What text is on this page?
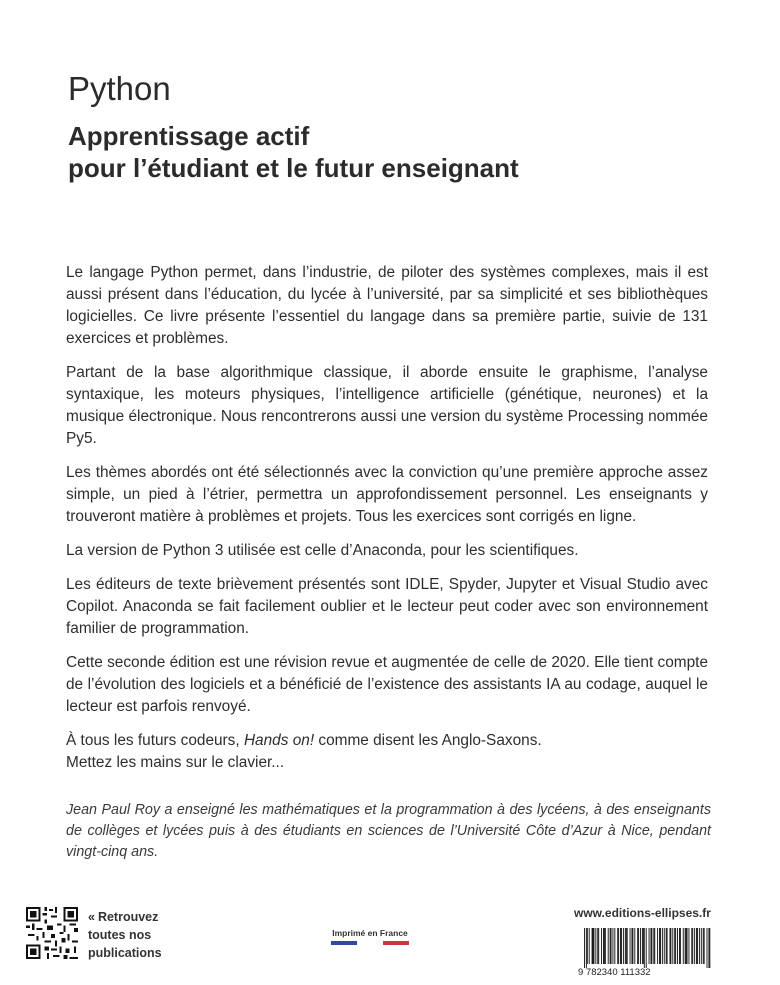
Python
Apprentissage actif
pour l’étudiant et le futur enseignant

Le langage Python permet, dans l’industrie, de piloter des systèmes complexes, mais il est aussi présent dans l’éducation, du lycée à l’université, par sa simplicité et ses bibliothèques logicielles. Ce livre présente l’essentiel du langage dans sa première partie, suivie de 131 exercices et problèmes.

Partant de la base algorithmique classique, il aborde ensuite le graphisme, l’analyse syntaxique, les moteurs physiques, l’intelligence artificielle (génétique, neurones) et la musique électronique. Nous rencontrerons aussi une version du système Processing nommée Py5.

Les thèmes abordés ont été sélectionnés avec la conviction qu’une première approche assez simple, un pied à l’étrier, permettra un approfondissement personnel. Les enseignants y trouveront matière à problèmes et projets. Tous les exercices sont corrigés en ligne.

La version de Python 3 utilisée est celle d’Anaconda, pour les scientifiques.

Les éditeurs de texte brièvement présentés sont IDLE, Spyder, Jupyter et Visual Studio avec Copilot. Anaconda se fait facilement oublier et le lecteur peut coder avec son environnement familier de programmation.

Cette seconde édition est une révision revue et augmentée de celle de 2020. Elle tient compte de l’évolution des logiciels et a bénéficié de l’existence des assistants IA au codage, auquel le lecteur est parfois renvoyé.

À tous les futurs codeurs, Hands on! comme disent les Anglo-Saxons.
Mettez les mains sur le clavier...

Jean Paul Roy a enseigné les mathématiques et la programmation à des lycéens, à des enseignants de collèges et lycées puis à des étudiants en sciences de l’Université Côte d’Azur à Nice, pendant vingt-cinq ans.
« Retrouvez
toutes nos
publications
Imprimé en France
www.editions-ellipses.fr
9 782340 111332
